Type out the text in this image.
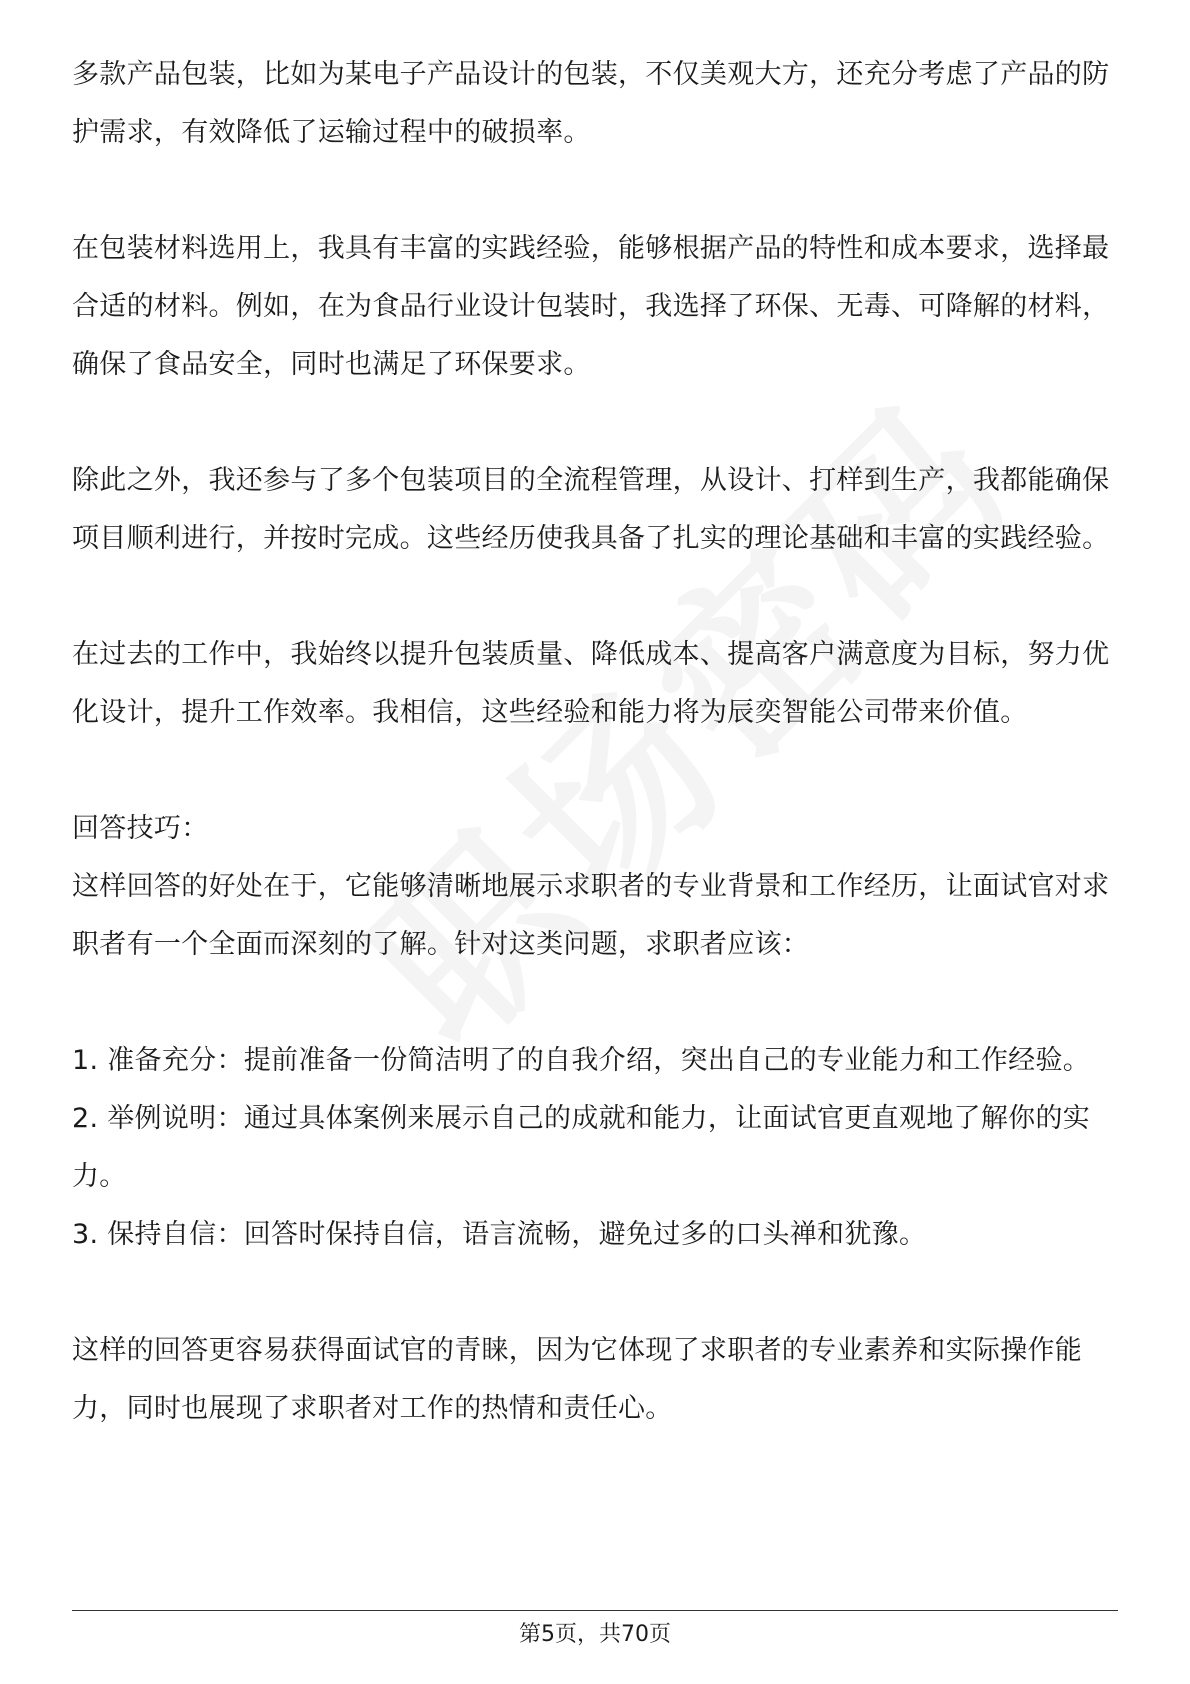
多款产品包装，比如为某电子产品设计的包装，不仅美观大方，还充分考虑了产品的防护需求，有效降低了运输过程中的破损率。

在包装材料选用上，我具有丰富的实践经验，能够根据产品的特性和成本要求，选择最合适的材料。例如，在为食品行业设计包装时，我选择了环保、无毒、可降解的材料，确保了食品安全，同时也满足了环保要求。

除此之外，我还参与了多个包装项目的全流程管理，从设计、打样到生产，我都能确保项目顺利进行，并按时完成。这些经历使我具备了扎实的理论基础和丰富的实践经验。

在过去的工作中，我始终以提升包装质量、降低成本、提高客户满意度为目标，努力优化设计，提升工作效率。我相信，这些经验和能力将为辰奕智能公司带来价值。

回答技巧：

这样回答的好处在于，它能够清晰地展示求职者的专业背景和工作经历，让面试官对求职者有一个全面而深刻的了解。针对这类问题，求职者应该：

1. 准备充分：提前准备一份简洁明了的自我介绍，突出自己的专业能力和工作经验。

2. 举例说明：通过具体案例来展示自己的成就和能力，让面试官更直观地了解你的实力。

3. 保持自信：回答时保持自信，语言流畅，避免过多的口头禅和犹豫。

这样的回答更容易获得面试官的青睐，因为它体现了求职者的专业素养和实际操作能力，同时也展现了求职者对工作的热情和责任心。

第5页，共70页
